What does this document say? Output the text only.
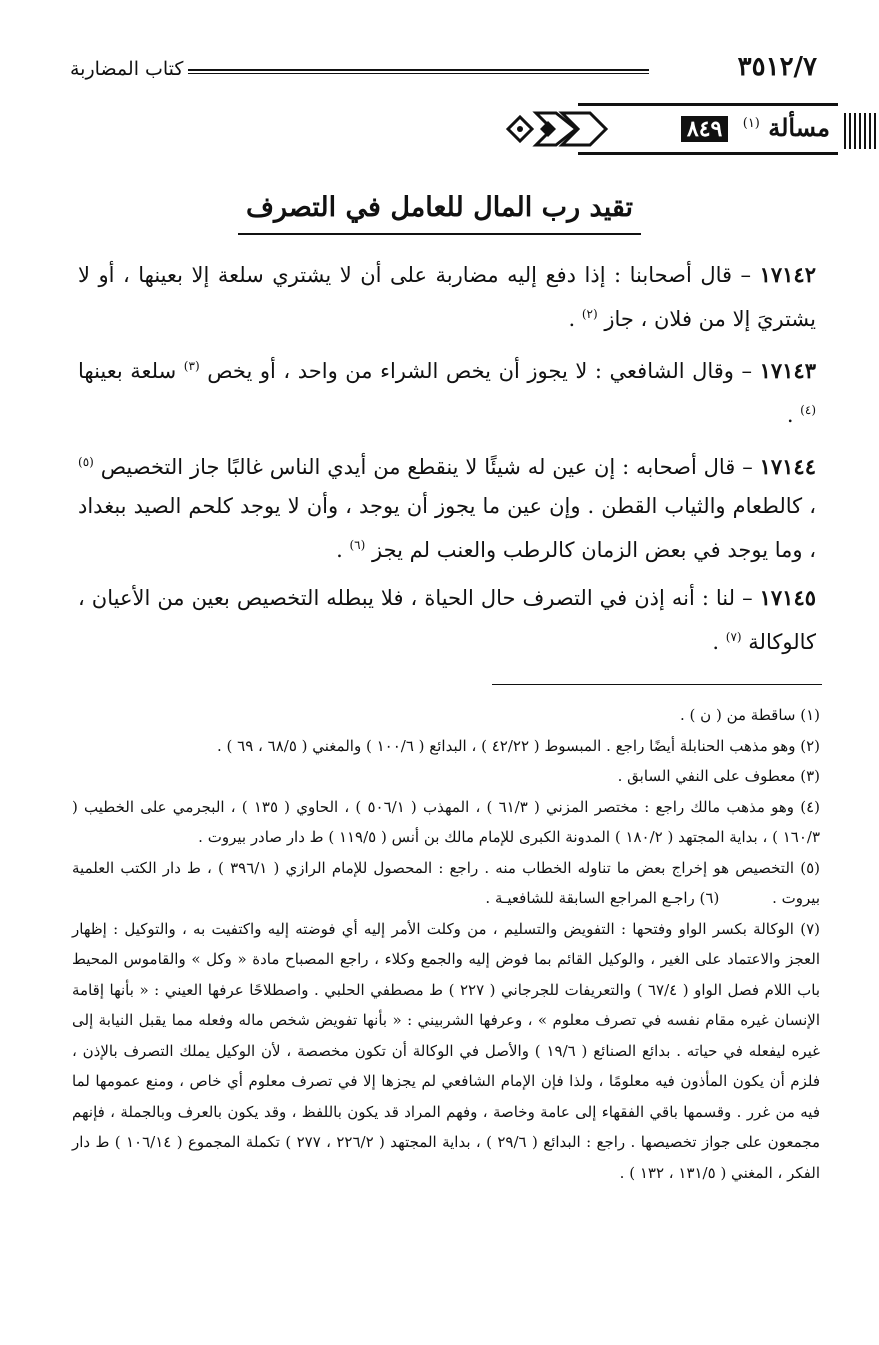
٣٥١٢/٧
كتاب المضاربة
مسألة $^{(١)}$ ٨٤٩
تقيد رب المال للعامل في التصرف

١٧١٤٢ – قال أصحابنا : إذا دفع إليه مضاربة على أن لا يشتري سلعة إلا بعينها ، أو لا يشتريَ إلا من فلان ، جاز $^{(٢)}$ .

١٧١٤٣ – وقال الشافعي : لا يجوز أن يخص الشراء من واحد ، أو يخص $^{(٣)}$ سلعة بعينها $^{(٤)}$ .

١٧١٤٤ – قال أصحابه : إن عين له شيئًا لا ينقطع من أيدي الناس غالبًا جاز التخصيص $^{(٥)}$ ، كالطعام والثياب القطن . وإن عين ما يجوز أن يوجد ، وأن لا يوجد كلحم الصيد ببغداد ، وما يوجد في بعض الزمان كالرطب والعنب لم يجز $^{(٦)}$ .

١٧١٤٥ – لنا : أنه إذن في التصرف حال الحياة ، فلا يبطله التخصيص بعين من الأعيان ، كالوكالة $^{(٧)}$ .

(١) ساقطة من ( ن ) .

(٢) وهو مذهب الحنابلة أيضًا راجع . المبسوط ( ٤٢/٢٢ ) ، البدائع ( ١٠٠/٦ ) والمغني ( ٦٨/٥ ، ٦٩ ) .

(٣) معطوف على النفي السابق .

(٤) وهو مذهب مالك راجع : مختصر المزني ( ٦١/٣ ) ، المهذب ( ٥٠٦/١ ) ، الحاوي ( ١٣٥ ) ، البجرمي على الخطيب ( ١٦٠/٣ ) ، بداية المجتهد ( ١٨٠/٢ ) المدونة الكبرى للإمام مالك بن أنس ( ١١٩/٥ ) ط دار صادر بيروت .

(٥) التخصيص هو إخراج بعض ما تناوله الخطاب منه . راجع : المحصول للإمام الرازي ( ٣٩٦/١ ) ، ط دار الكتب العلمية بيروت . (٦) راجـع المراجع السابقة للشافعيـة .

(٧) الوكالة بكسر الواو وفتحها : التفويض والتسليم ، من وكلت الأمر إليه أي فوضته إليه واكتفيت به ، والتوكيل : إظهار العجز والاعتماد على الغير ، والوكيل القائم بما فوض إليه والجمع وكلاء ، راجع المصباح مادة « وكل » والقاموس المحيط باب اللام فصل الواو ( ٦٧/٤ ) والتعريفات للجرجاني ( ٢٢٧ ) ط مصطفي الحلبي . واصطلاحًا عرفها العيني : « بأنها إقامة الإنسان غيره مقام نفسه في تصرف معلوم » ، وعرفها الشربيني : « بأنها تفويض شخص ماله وفعله مما يقبل النيابة إلى غيره ليفعله في حياته . بدائع الصنائع ( ١٩/٦ ) والأصل في الوكالة أن تكون مخصصة ، لأن الوكيل يملك التصرف بالإذن ، فلزم أن يكون المأذون فيه معلومًا ، ولذا فإن الإمام الشافعي لم يجزها إلا في تصرف معلوم أي خاص ، ومنع عمومها لما فيه من غرر . وقسمها باقي الفقهاء إلى عامة وخاصة ، وفهم المراد قد يكون باللفظ ، وقد يكون بالعرف وبالجملة ، فإنهم مجمعون على جواز تخصيصها . راجع : البدائع ( ٢٩/٦ ) ، بداية المجتهد ( ٢٢٦/٢ ، ٢٧٧ ) تكملة المجموع ( ١٠٦/١٤ ) ط دار الفكر ، المغني ( ١٣١/٥ ، ١٣٢ ) .
